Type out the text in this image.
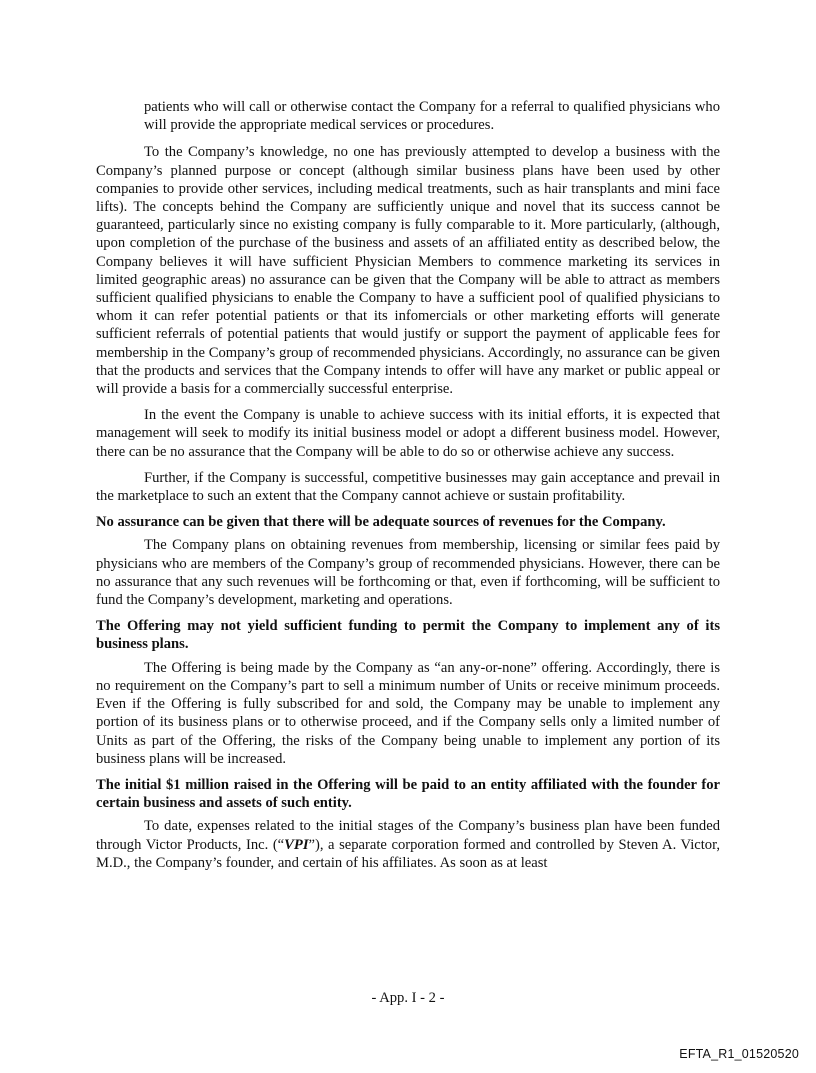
patients who will call or otherwise contact the Company for a referral to qualified physicians who will provide the appropriate medical services or procedures.

To the Company’s knowledge, no one has previously attempted to develop a business with the Company’s planned purpose or concept (although similar business plans have been used by other companies to provide other services, including medical treatments, such as hair transplants and mini face lifts). The concepts behind the Company are sufficiently unique and novel that its success cannot be guaranteed, particularly since no existing company is fully comparable to it. More particularly, (although, upon completion of the purchase of the business and assets of an affiliated entity as described below, the Company believes it will have sufficient Physician Members to commence marketing its services in limited geographic areas) no assurance can be given that the Company will be able to attract as members sufficient qualified physicians to enable the Company to have a sufficient pool of qualified physicians to whom it can refer potential patients or that its infomercials or other marketing efforts will generate sufficient referrals of potential patients that would justify or support the payment of applicable fees for membership in the Company’s group of recommended physicians. Accordingly, no assurance can be given that the products and services that the Company intends to offer will have any market or public appeal or will provide a basis for a commercially successful enterprise.

In the event the Company is unable to achieve success with its initial efforts, it is expected that management will seek to modify its initial business model or adopt a different business model. However, there can be no assurance that the Company will be able to do so or otherwise achieve any success.

Further, if the Company is successful, competitive businesses may gain acceptance and prevail in the marketplace to such an extent that the Company cannot achieve or sustain profitability.

No assurance can be given that there will be adequate sources of revenues for the Company.

The Company plans on obtaining revenues from membership, licensing or similar fees paid by physicians who are members of the Company’s group of recommended physicians. However, there can be no assurance that any such revenues will be forthcoming or that, even if forthcoming, will be sufficient to fund the Company’s development, marketing and operations.

The Offering may not yield sufficient funding to permit the Company to implement any of its business plans.

The Offering is being made by the Company as “an any-or-none” offering. Accordingly, there is no requirement on the Company’s part to sell a minimum number of Units or receive minimum proceeds. Even if the Offering is fully subscribed for and sold, the Company may be unable to implement any portion of its business plans or to otherwise proceed, and if the Company sells only a limited number of Units as part of the Offering, the risks of the Company being unable to implement any portion of its business plans will be increased.

The initial $1 million raised in the Offering will be paid to an entity affiliated with the founder for certain business and assets of such entity.

To date, expenses related to the initial stages of the Company’s business plan have been funded through Victor Products, Inc. (“VPI”), a separate corporation formed and controlled by Steven A. Victor, M.D., the Company’s founder, and certain of his affiliates. As soon as at least

- App. I - 2 -
EFTA_R1_01520520
